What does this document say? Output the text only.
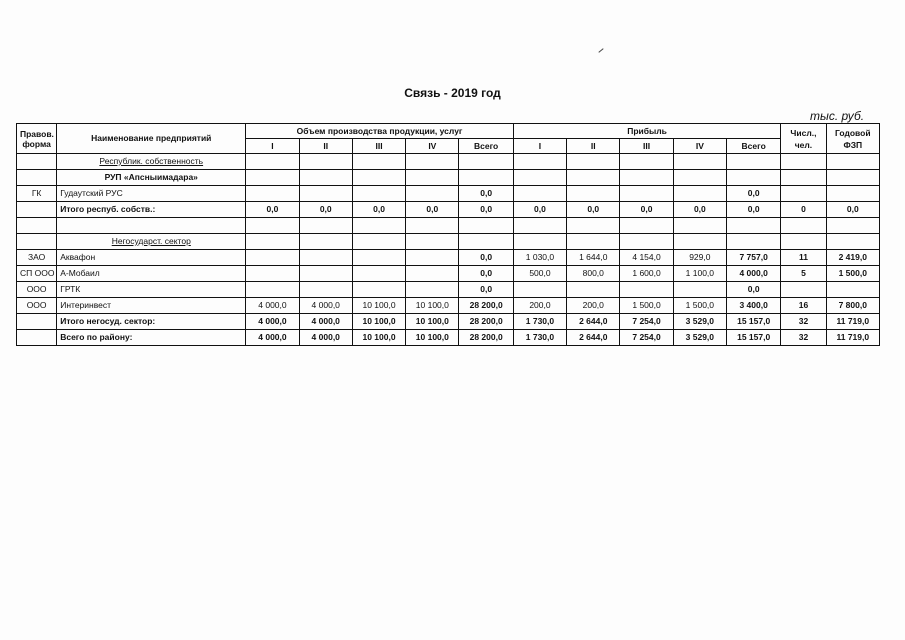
Связь - 2019 год
тыс. руб.
Правов. форма	Наименование предприятий	Объем производства продукции, услуг					Прибыль					Числ., чел.	Годовой ФЗП
		I	II	III	IV	Всего	I	II	III	IV	Всего		
	Республик. собственность												
	РУП «Апсныимадара»												
ГК	Гудаутский РУС					0,0					0,0		
	Итого респуб. собств.:	0,0	0,0	0,0	0,0	0,0	0,0	0,0	0,0	0,0	0,0	0	0,0

	Негосударст. сектор												
ЗАО	Аквафон					0,0	1 030,0	1 644,0	4 154,0	929,0	7 757,0	11	2 419,0
СП ООО	А-Мобаил					0,0	500,0	800,0	1 600,0	1 100,0	4 000,0	5	1 500,0
ООО	ГРТК					0,0					0,0		
ООО	Интеринвест	4 000,0	4 000,0	10 100,0	10 100,0	28 200,0	200,0	200,0	1 500,0	1 500,0	3 400,0	16	7 800,0
	Итого негосуд. сектор:	4 000,0	4 000,0	10 100,0	10 100,0	28 200,0	1 730,0	2 644,0	7 254,0	3 529,0	15 157,0	32	11 719,0
	Всего по району:	4 000,0	4 000,0	10 100,0	10 100,0	28 200,0	1 730,0	2 644,0	7 254,0	3 529,0	15 157,0	32	11 719,0
